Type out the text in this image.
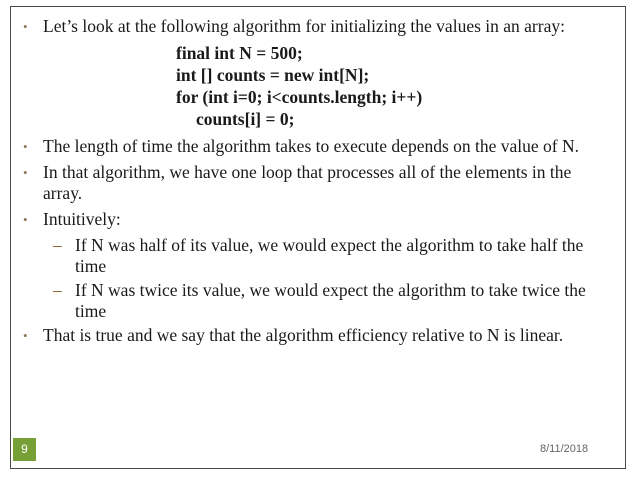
• Let’s look at the following algorithm for initializing the values in an array:
final int N = 500;
int [] counts = new int[N];
for (int i=0; i<counts.length; i++)
counts[i] = 0;
• The length of time the algorithm takes to execute depends on the value of N.
• In that algorithm, we have one loop that processes all of the elements in the array.
• Intuitively:
– If N was half of its value, we would expect the algorithm to take half the time
– If N was twice its value, we would expect the algorithm to take twice the time
• That is true and we say that the algorithm efficiency relative to N is linear.
9	8/11/2018
